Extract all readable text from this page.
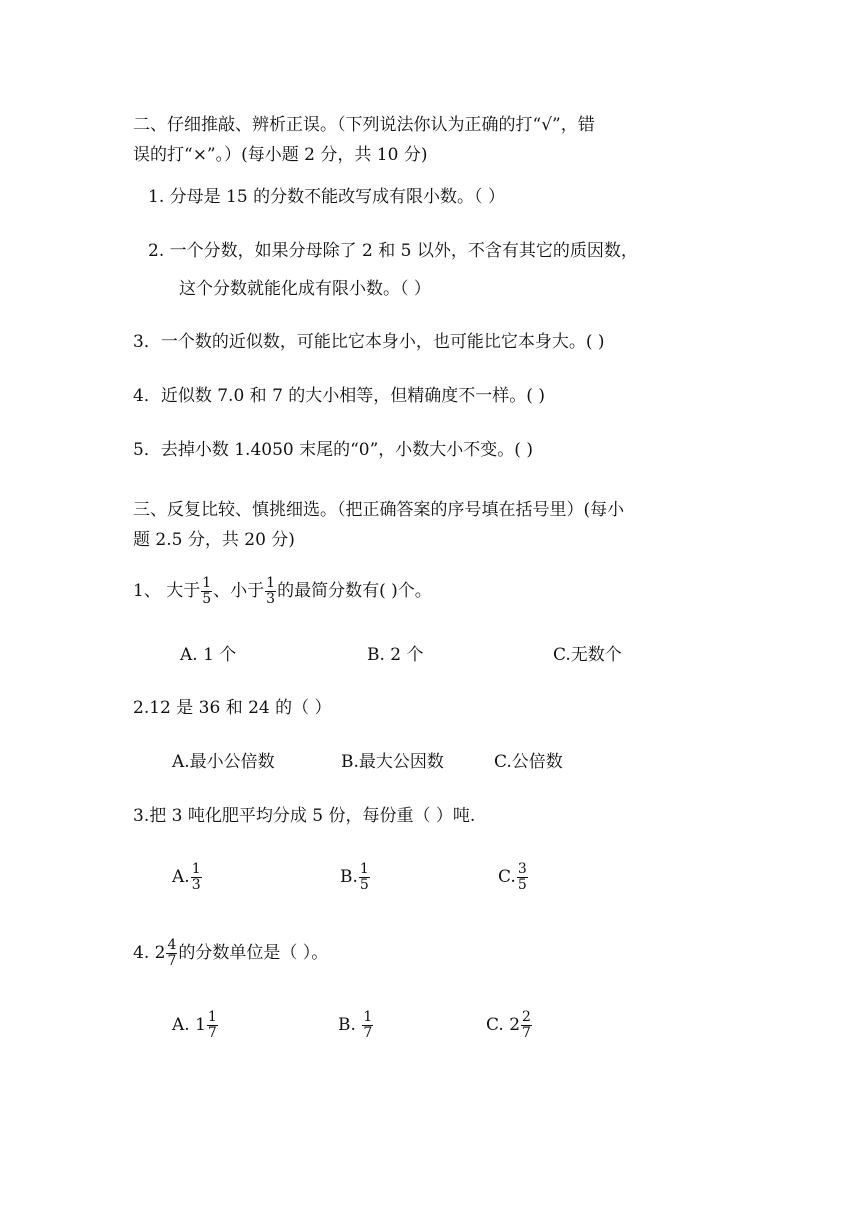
二、仔细推敲、辨析正误。（下列说法你认为正确的打“√”，错
误的打“×”。）(每小题 2 分，共 10 分)
1. 分母是 15 的分数不能改写成有限小数。（ ）
2. 一个分数，如果分母除了 2 和 5 以外，不含有其它的质因数，
这个分数就能化成有限小数。（ ）
3．一个数的近似数，可能比它本身小，也可能比它本身大。( )
4．近似数 7.0 和 7 的大小相等，但精确度不一样。( )
5．去掉小数 1.4050 末尾的“0”，小数大小不变。( )
三、反复比较、慎挑细选。（把正确答案的序号填在括号里）(每小
题 2.5 分，共 20 分)
1、 大于 $\frac{1}{5}$ 、小于 $\frac{1}{3}$ 的最简分数有( )个。
A. 1 个	B. 2 个	C.无数个
2.12 是 36 和 24 的（ ）
A.最小公倍数	B.最大公因数	C.公倍数
3.把 3 吨化肥平均分成 5 份，每份重（ ）吨.
A. $\frac{1}{3}$	B. $\frac{1}{5}$	C. $\frac{3}{5}$
4. $2 \frac{4}{7}$ 的分数单位是（ ）。
A. $1 \frac{1}{7}$	B. $\frac{1}{7}$	C. $2 \frac{2}{7}$
